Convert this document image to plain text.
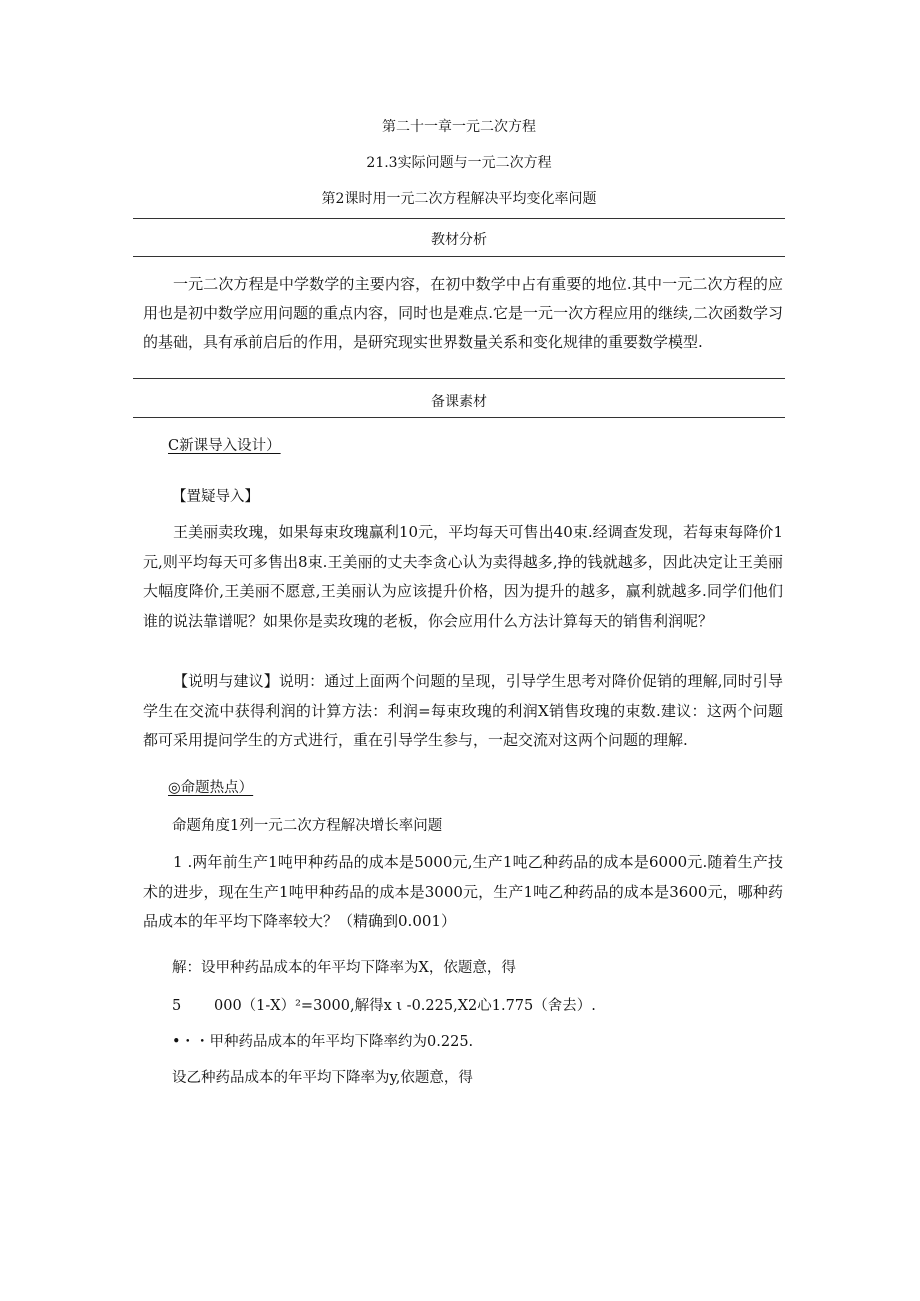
第二十一章一元二次方程
21.3实际问题与一元二次方程
第2课时用一元二次方程解决平均变化率问题
教材分析
一元二次方程是中学数学的主要内容，在初中数学中占有重要的地位.其中一元二次方程的应用也是初中数学应用问题的重点内容，同时也是难点.它是一元一次方程应用的继续,二次函数学习的基础，具有承前启后的作用，是研究现实世界数量关系和变化规律的重要数学模型.
备课素材
C新课导入设计）
【置疑导入】
王美丽卖玫瑰，如果每束玫瑰赢利10元，平均每天可售出40束.经调查发现，若每束每降价1元,则平均每天可多售出8束.王美丽的丈夫李贪心认为卖得越多,挣的钱就越多，因此决定让王美丽大幅度降价,王美丽不愿意,王美丽认为应该提升价格，因为提升的越多，赢利就越多.同学们他们谁的说法靠谱呢？如果你是卖玫瑰的老板，你会应用什么方法计算每天的销售利润呢？
【说明与建议】说明：通过上面两个问题的呈现，引导学生思考对降价促销的理解,同时引导学生在交流中获得利润的计算方法：利润=每束玫瑰的利润X销售玫瑰的束数.建议：这两个问题都可采用提问学生的方式进行，重在引导学生参与，一起交流对这两个问题的理解.
◎命题热点）
命题角度1列一元二次方程解决增长率问题
1 .两年前生产1吨甲种药品的成本是5000元,生产1吨乙种药品的成本是6000元.随着生产技术的进步，现在生产1吨甲种药品的成本是3000元，生产1吨乙种药品的成本是3600元，哪种药品成本的年平均下降率较大？（精确到0.001）
解：设甲种药品成本的年平均下降率为X，依题意，得
5 000（1-X）²=3000,解得x ι -0.225,X2心1.775（舍去）.
•・・甲种药品成本的年平均下降率约为0.225.
设乙种药品成本的年平均下降率为y,依题意，得
